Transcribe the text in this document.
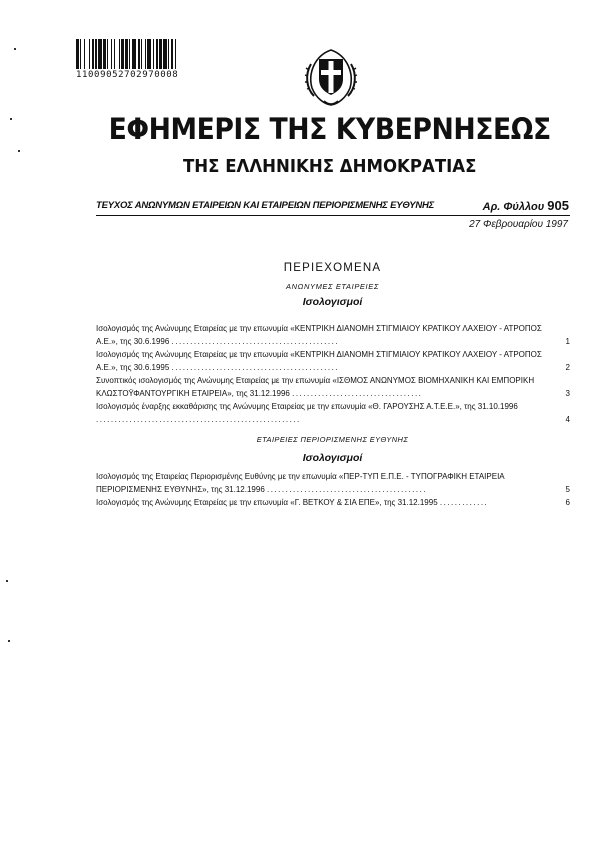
11009052702970008
ΕΦΗΜΕΡΙΣ ΤΗΣ ΚΥΒΕΡΝΗΣΕΩΣ
ΤΗΣ ΕΛΛΗΝΙΚΗΣ ΔΗΜΟΚΡΑΤΙΑΣ
ΤΕΥΧΟΣ ΑΝΩΝΥΜΩΝ ΕΤΑΙΡΕΙΩΝ ΚΑΙ ΕΤΑΙΡΕΙΩΝ ΠΕΡΙΟΡΙΣΜΕΝΗΣ ΕΥΘΥΝΗΣ	Αρ. Φύλλου 905
27 Φεβρουαρίου 1997
ΠΕΡΙΕΧΟΜΕΝΑ
ΑΝΩΝΥΜΕΣ ΕΤΑΙΡΕΙΕΣ
Ισολογισμοί
Ισολογισμός της Ανώνυμης Εταιρείας με την επωνυμία «ΚΕΝΤΡΙΚΗ ΔΙΑΝΟΜΗ ΣΤΙΓΜΙΑΙΟΥ ΚΡΑΤΙΚΟΥ ΛΑΧΕΙΟΥ - ΑΤΡΟΠΟΣ Α.Ε.», της 30.6.1996 .............................................	1
Ισολογισμός της Ανώνυμης Εταιρείας με την επωνυμία «ΚΕΝΤΡΙΚΗ ΔΙΑΝΟΜΗ ΣΤΙΓΜΙΑΙΟΥ ΚΡΑΤΙΚΟΥ ΛΑΧΕΙΟΥ - ΑΤΡΟΠΟΣ Α.Ε.», της 30.6.1995 .............................................	2
Συνοπτικός ισολογισμός της Ανώνυμης Εταιρείας με την επωνυμία «ΙΣΘΜΟΣ ΑΝΩΝΥΜΟΣ ΒΙΟΜΗΧΑΝΙΚΗ ΚΑΙ ΕΜΠΟΡΙΚΗ ΚΛΩΣΤΟΫΦΑΝΤΟΥΡΓΙΚΗ ΕΤΑΙΡΕΙΑ», της 31.12.1996 ...................................	3
Ισολογισμός έναρξης εκκαθάρισης της Ανώνυμης Εταιρείας με την επωνυμία «Θ. ΓΑΡΟΥΣΗΣ Α.Τ.Ε.Ε.», της 31.10.1996 .......................................................	4
ΕΤΑΙΡΕΙΕΣ ΠΕΡΙΟΡΙΣΜΕΝΗΣ ΕΥΘΥΝΗΣ
Ισολογισμοί
Ισολογισμός της Εταιρείας Περιορισμένης Ευθύνης με την επωνυμία «ΠΕΡ-ΤΥΠ Ε.Π.Ε. - ΤΥΠΟΓΡΑΦΙΚΗ ΕΤΑΙΡΕΙΑ ΠΕΡΙΟΡΙΣΜΕΝΗΣ ΕΥΘΥΝΗΣ», της 31.12.1996 ...........................................	5
Ισολογισμός της Ανώνυμης Εταιρείας με την επωνυμία «Γ. ΒΕΤΚΟΥ & ΣΙΑ ΕΠΕ», της 31.12.1995 .............	6
